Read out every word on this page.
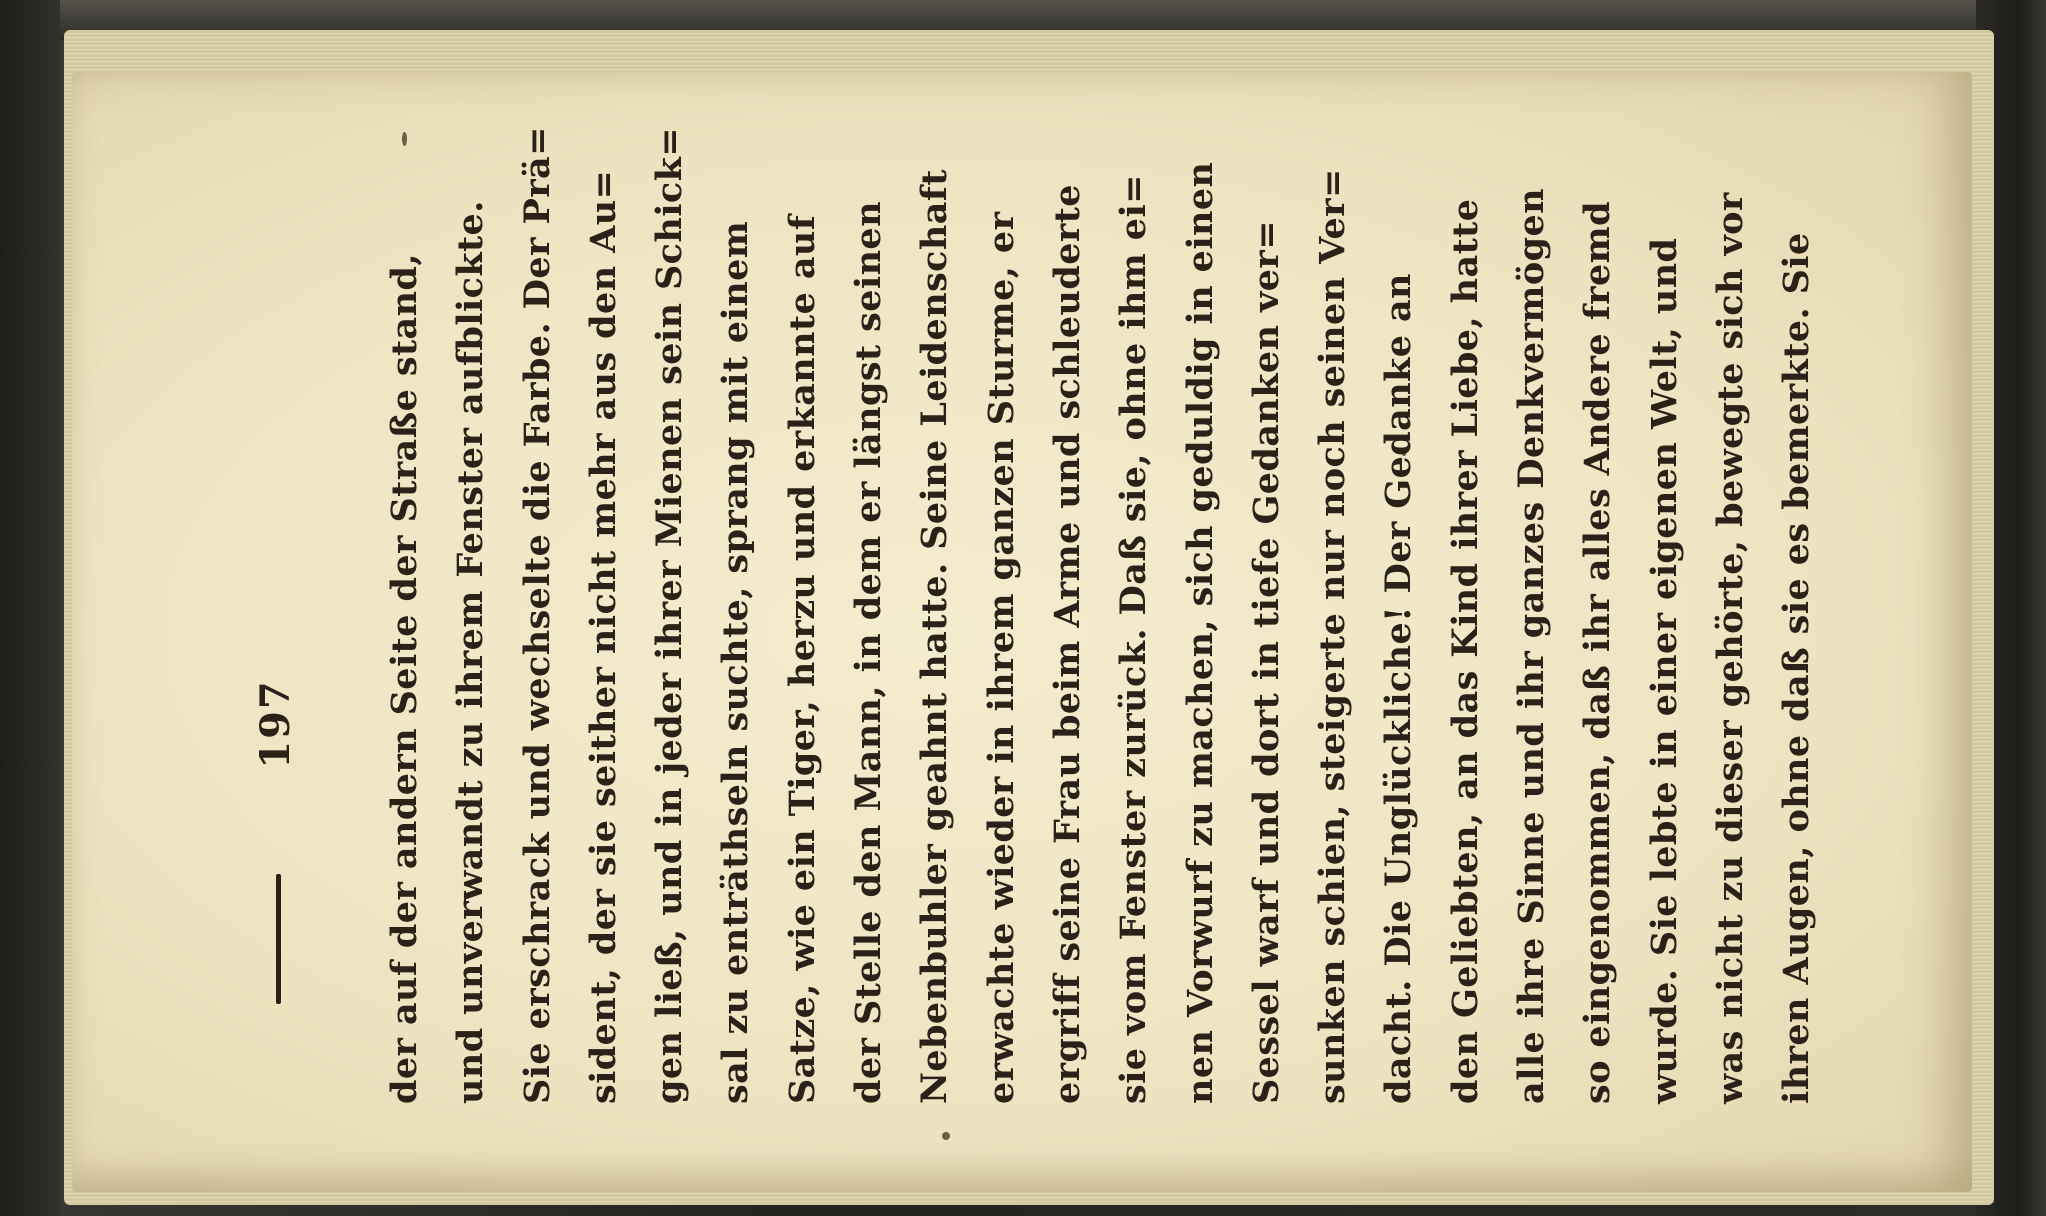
197	der auf der andern Seite der Straße stand, und unverwandt zu ihrem Fenster aufblickte. Sie erschrack und wechselte die Farbe. Der Prä= sident, der sie seither nicht mehr aus den Au= gen ließ, und in jeder ihrer Mienen sein Schick= sal zu enträthseln suchte, sprang mit einem Satze, wie ein Tiger, herzu und erkannte auf der Stelle den Mann, in dem er längst seinen Nebenbuhler geahnt hatte. Seine Leidenschaft erwachte wieder in ihrem ganzen Sturme, er ergriff seine Frau beim Arme und schleuderte sie vom Fenster zurück. Daß sie, ohne ihm ei= nen Vorwurf zu machen, sich geduldig in einen Sessel warf und dort in tiefe Gedanken ver= sunken schien, steigerte nur noch seinen Ver= dacht. Die Unglückliche! Der Gedanke an den Geliebten, an das Kind ihrer Liebe, hatte alle ihre Sinne und ihr ganzes Denkvermögen so eingenommen, daß ihr alles Andere fremd wurde. Sie lebte in einer eigenen Welt, und was nicht zu dieser gehörte, bewegte sich vor ihren Augen, ohne daß sie es bemerkte. Sie
